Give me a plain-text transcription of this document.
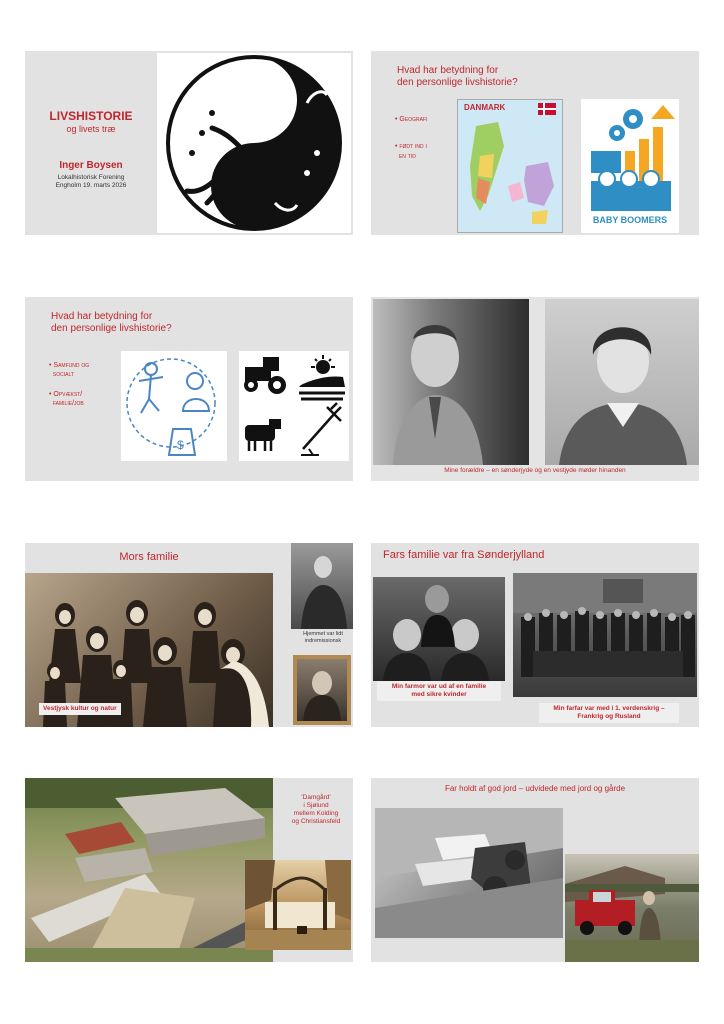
LIVSHISTORIE
og livets træ
Inger Boysen
Lokalhistorisk Forening
Engholm 19. marts 2026
Hvad har betydning for
den personlige livshistorie?
• Geografi
• født ind i
en tid
DANMARK
BABY BOOMERS
Hvad har betydning for
den personlige livshistorie?
• Samfund og
socialt
• Opvækst/
familie/job
$
Mine forældre – en sønderjyde og en vestjyde møder hinanden
Mors familie
Vestjysk kultur og natur
Hjemmet var lidt
indremissionsk
Fars familie var fra Sønderjylland
Min farmor var ud af en familie
med sikre kvinder
Min farfar var med i 1. verdenskrig –
Frankrig og Rusland
'Damgård'
i Sjølund
mellem Kolding
og Christiansfeld
Far holdt af god jord – udvidede med jord og gårde
